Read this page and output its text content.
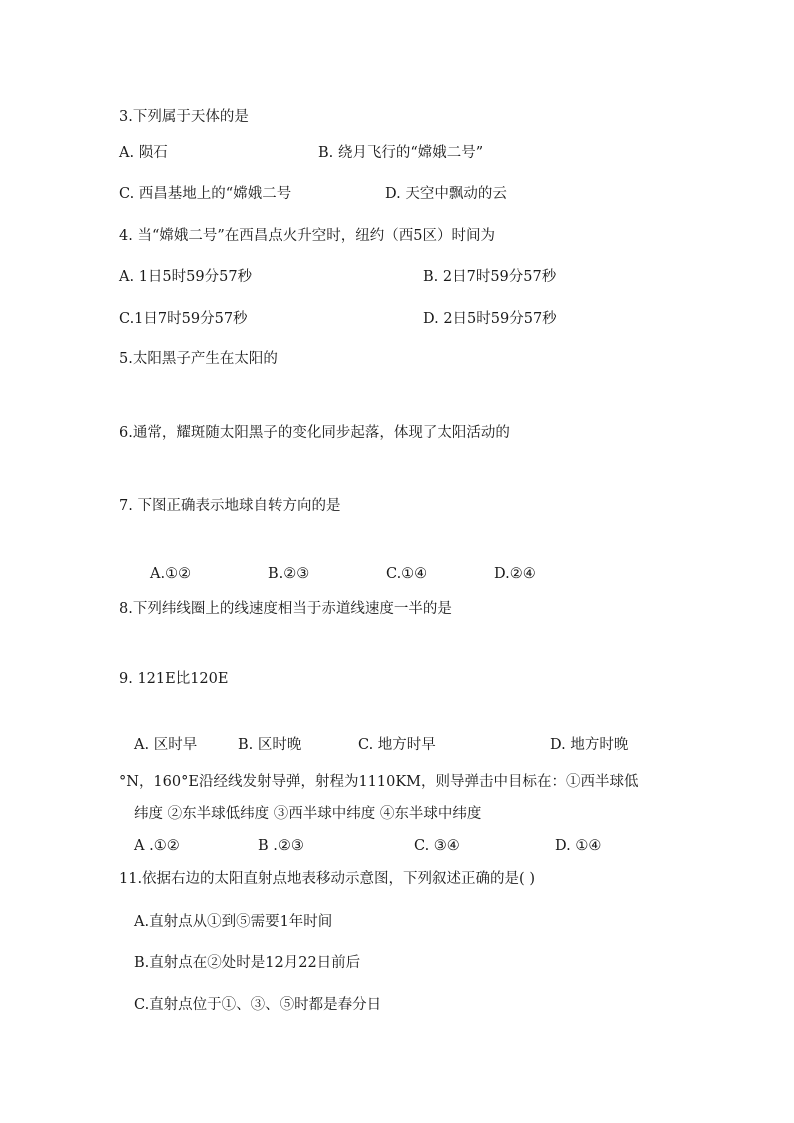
3.下列属于天体的是
A. 陨石	B. 绕月飞行的“嫦娥二号”
C. 西昌基地上的“嫦娥二号	D. 天空中飘动的云
4. 当“嫦娥二号”在西昌点火升空时，纽约（西5区）时间为
A. 1日5时59分57秒	B. 2日7时59分57秒
C.1日7时59分57秒	D. 2日5时59分57秒
5.太阳黑子产生在太阳的
6.通常，耀斑随太阳黑子的变化同步起落，体现了太阳活动的
7. 下图正确表示地球自转方向的是
A.①②	B.②③	C.①④	D.②④
8.下列纬线圈上的线速度相当于赤道线速度一半的是
9. 121E比120E
A. 区时早	B. 区时晚	C. 地方时早	D. 地方时晚
°N，160°E沿经线发射导弹，射程为1110KM，则导弹击中目标在：①西半球低
纬度 ②东半球低纬度 ③西半球中纬度 ④东半球中纬度
A .①②	B .②③	C. ③④	D. ①④
11.依据右边的太阳直射点地表移动示意图，下列叙述正确的是( )
A.直射点从①到⑤需要1年时间
B.直射点在②处时是12月22日前后
C.直射点位于①、③、⑤时都是春分日
